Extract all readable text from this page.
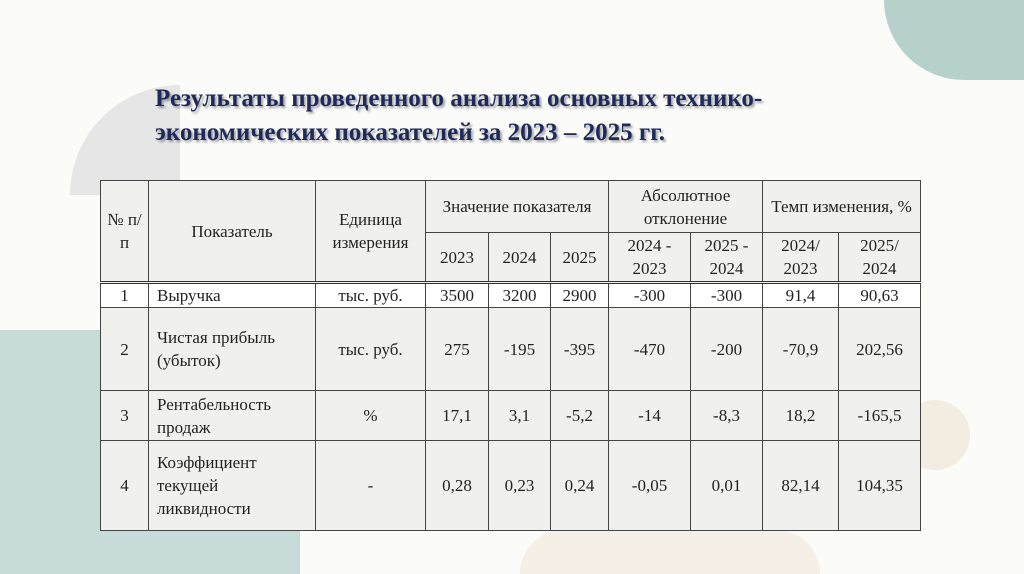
Результаты проведенного анализа основных технико-экономических показателей за 2023 – 2025 гг.
№ п/п	Показатель	Единица измерения	Значение показателя			Абсолютное отклонение		Темп изменения, %	
			2023	2024	2025	2024 - 2023	2025 - 2024	2024/ 2023	2025/ 2024
1	Выручка	тыс. руб.	3500	3200	2900	-300	-300	91,4	90,63
2	Чистая прибыль (убыток)	тыс. руб.	275	-195	-395	-470	-200	-70,9	202,56
3	Рентабельность продаж	%	17,1	3,1	-5,2	-14	-8,3	18,2	-165,5
4	Коэффициент текущей ликвидности	-	0,28	0,23	0,24	-0,05	0,01	82,14	104,35
